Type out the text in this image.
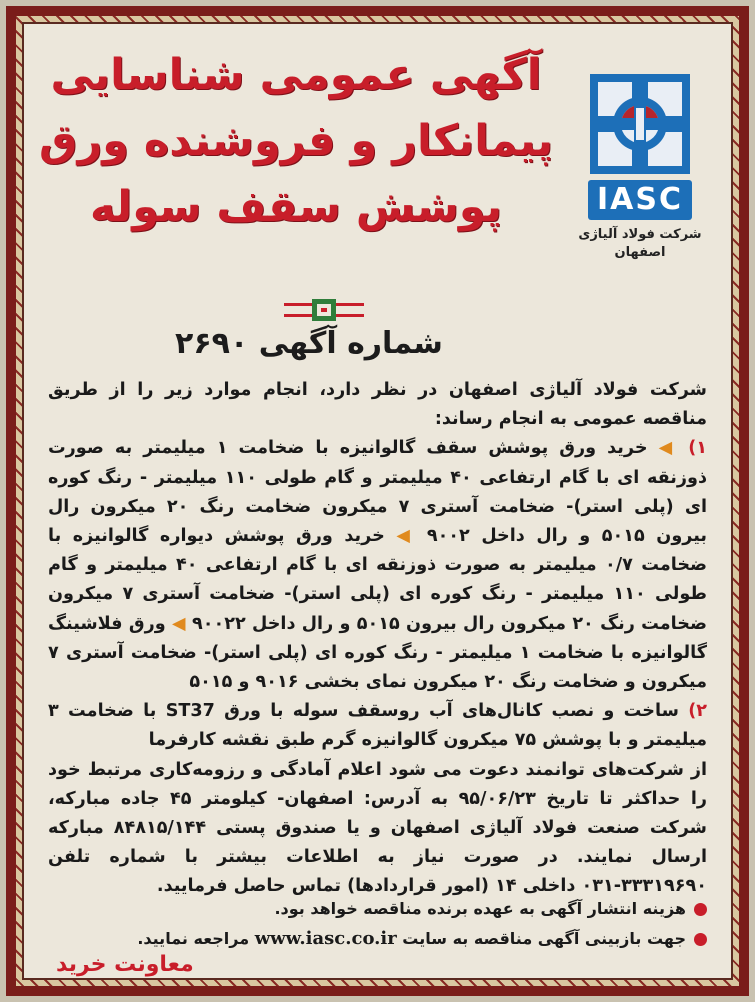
آگهی عمومی شناسایی
پیمانکار و فروشنده ورق
پوشش سقف سوله	IASC
شرکت فولاد آلیاژی
اصفهان
شماره آگهی ۲۶۹۰

شرکت فولاد آلیاژی اصفهان در نظر دارد، انجام موارد زیر را از طریق مناقصه عمومی به انجام رساند:

۱) ◀ خرید ورق پوشش سقف گالوانیزه با ضخامت ۱ میلیمتر به صورت ذوزنقه ای با گام ارتفاعی ۴۰ میلیمتر و گام طولی ۱۱۰ میلیمتر - رنگ کوره ای (پلی استر)- ضخامت آستری ۷ میکرون ضخامت رنگ ۲۰ میکرون رال بیرون ۵۰۱۵ و رال داخل ۹۰۰۲ ◀ خرید ورق پوشش دیواره گالوانیزه با ضخامت ۰/۷ میلیمتر به صورت ذوزنقه ای با گام ارتفاعی ۴۰ میلیمتر و گام طولی ۱۱۰ میلیمتر - رنگ کوره ای (پلی استر)- ضخامت آستری ۷ میکرون ضخامت رنگ ۲۰ میکرون رال بیرون ۵۰۱۵ و رال داخل ۹۰۰۲۲ ◀ ورق فلاشینگ گالوانیزه با ضخامت ۱ میلیمتر - رنگ کوره ای (پلی استر)- ضخامت آستری ۷ میکرون و ضخامت رنگ ۲۰ میکرون نمای بخشی ۹۰۱۶ و ۵۰۱۵

۲) ساخت و نصب کانال‌های آب روسقف سوله با ورق ST37 با ضخامت ۳ میلیمتر و با پوشش ۷۵ میکرون گالوانیزه گرم طبق نقشه کارفرما

از شرکت‌های توانمند دعوت می شود اعلام آمادگی و رزومه‌کاری مرتبط خود را حداکثر تا تاریخ ۹۵/۰۶/۲۳ به آدرس: اصفهان- کیلومتر ۴۵ جاده مبارکه، شرکت صنعت فولاد آلیاژی اصفهان و یا صندوق پستی ۸۴۸۱۵/۱۴۴ مبارکه ارسال نمایند. در صورت نیاز به اطلاعات بیشتر با شماره تلفن ۳۳۳۱۹۶۹۰-۰۳۱ داخلی ۱۴ (امور قراردادها) تماس حاصل فرمایید.

هزینه انتشار آگهی به عهده برنده مناقصه خواهد بود.
جهت بازبینی آگهی مناقصه به سایت www.iasc.co.ir مراجعه نمایید.
معاونت خرید
